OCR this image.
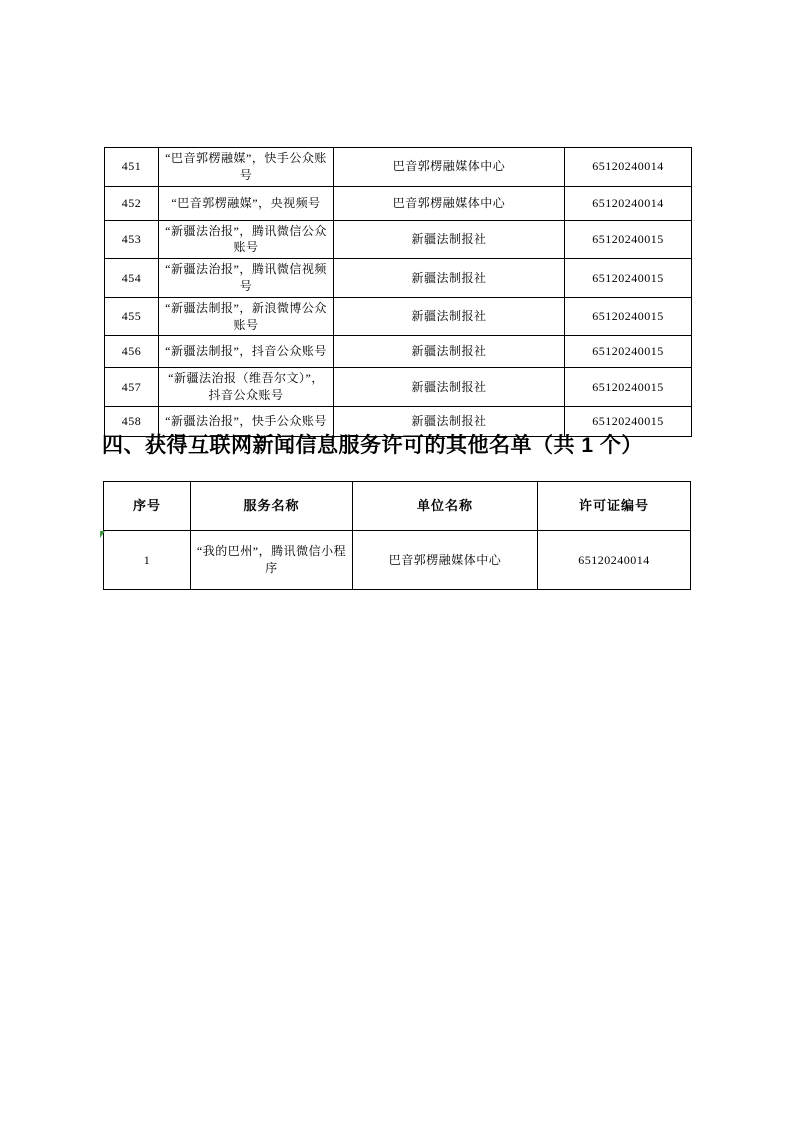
451	“巴音郭楞融媒”，快手公众账号	巴音郭楞融媒体中心	65120240014
452	“巴音郭楞融媒”，央视频号	巴音郭楞融媒体中心	65120240014
453	“新疆法治报”，腾讯微信公众账号	新疆法制报社	65120240015
454	“新疆法治报”，腾讯微信视频号	新疆法制报社	65120240015
455	“新疆法制报”，新浪微博公众账号	新疆法制报社	65120240015
456	“新疆法制报”，抖音公众账号	新疆法制报社	65120240015
457	“新疆法治报（维吾尔文）”，抖音公众账号	新疆法制报社	65120240015
458	“新疆法治报”，快手公众账号	新疆法制报社	65120240015
四、获得互联网新闻信息服务许可的其他名单（共 1 个）
序号	服务名称	单位名称	许可证编号
1	“我的巴州”，腾讯微信小程序	巴音郭楞融媒体中心	65120240014
